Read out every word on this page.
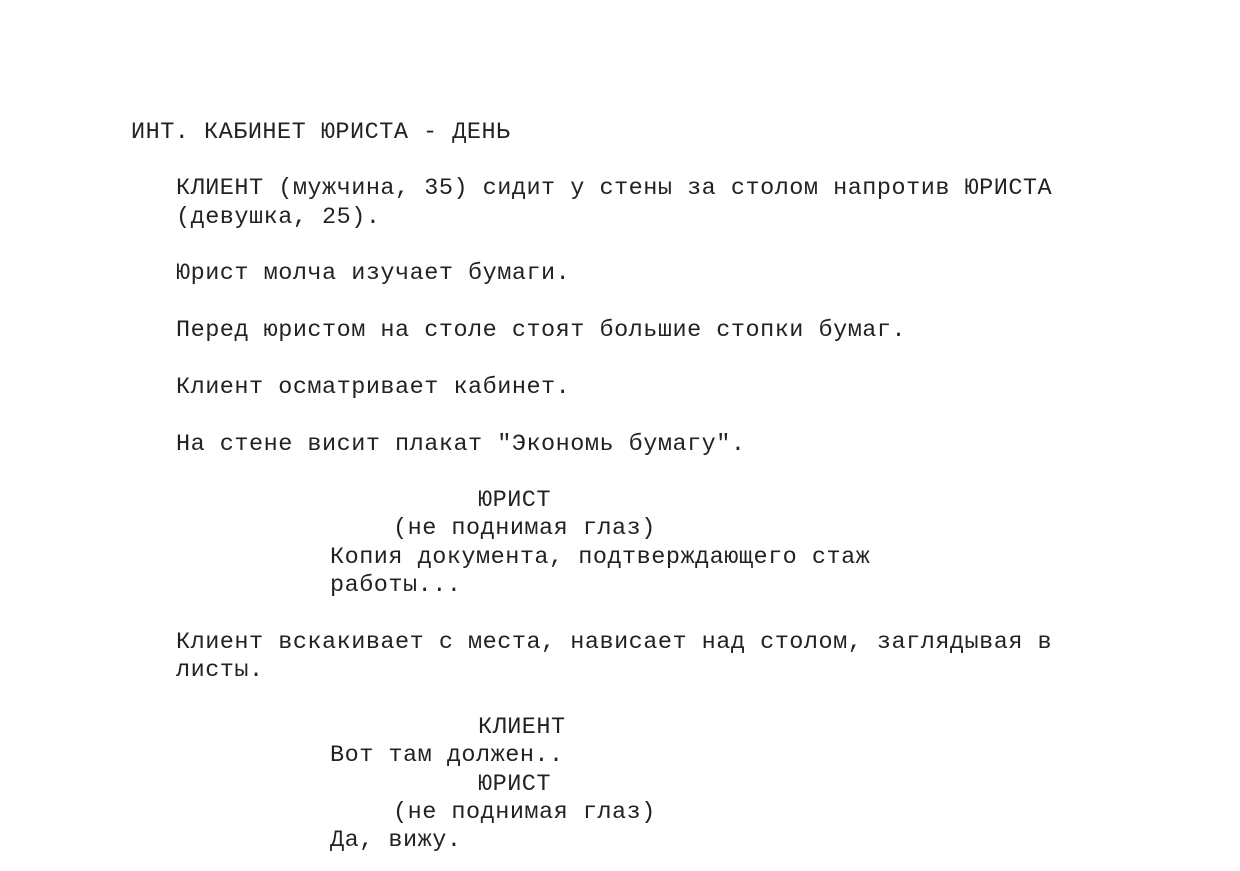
ИНТ. КАБИНЕТ ЮРИСТА - ДЕНЬ
КЛИЕНТ (мужчина, 35) сидит у стены за столом напротив ЮРИСТА
(девушка, 25).
Юрист молча изучает бумаги.
Перед юристом на столе стоят большие стопки бумаг.
Клиент осматривает кабинет.
На стене висит плакат "Экономь бумагу".
ЮРИСТ
(не поднимая глаз)
Копия документа, подтверждающего стаж
работы...
Клиент вскакивает с места, нависает над столом, заглядывая в
листы.
КЛИЕНТ
Вот там должен..
ЮРИСТ
(не поднимая глаз)
Да, вижу.
